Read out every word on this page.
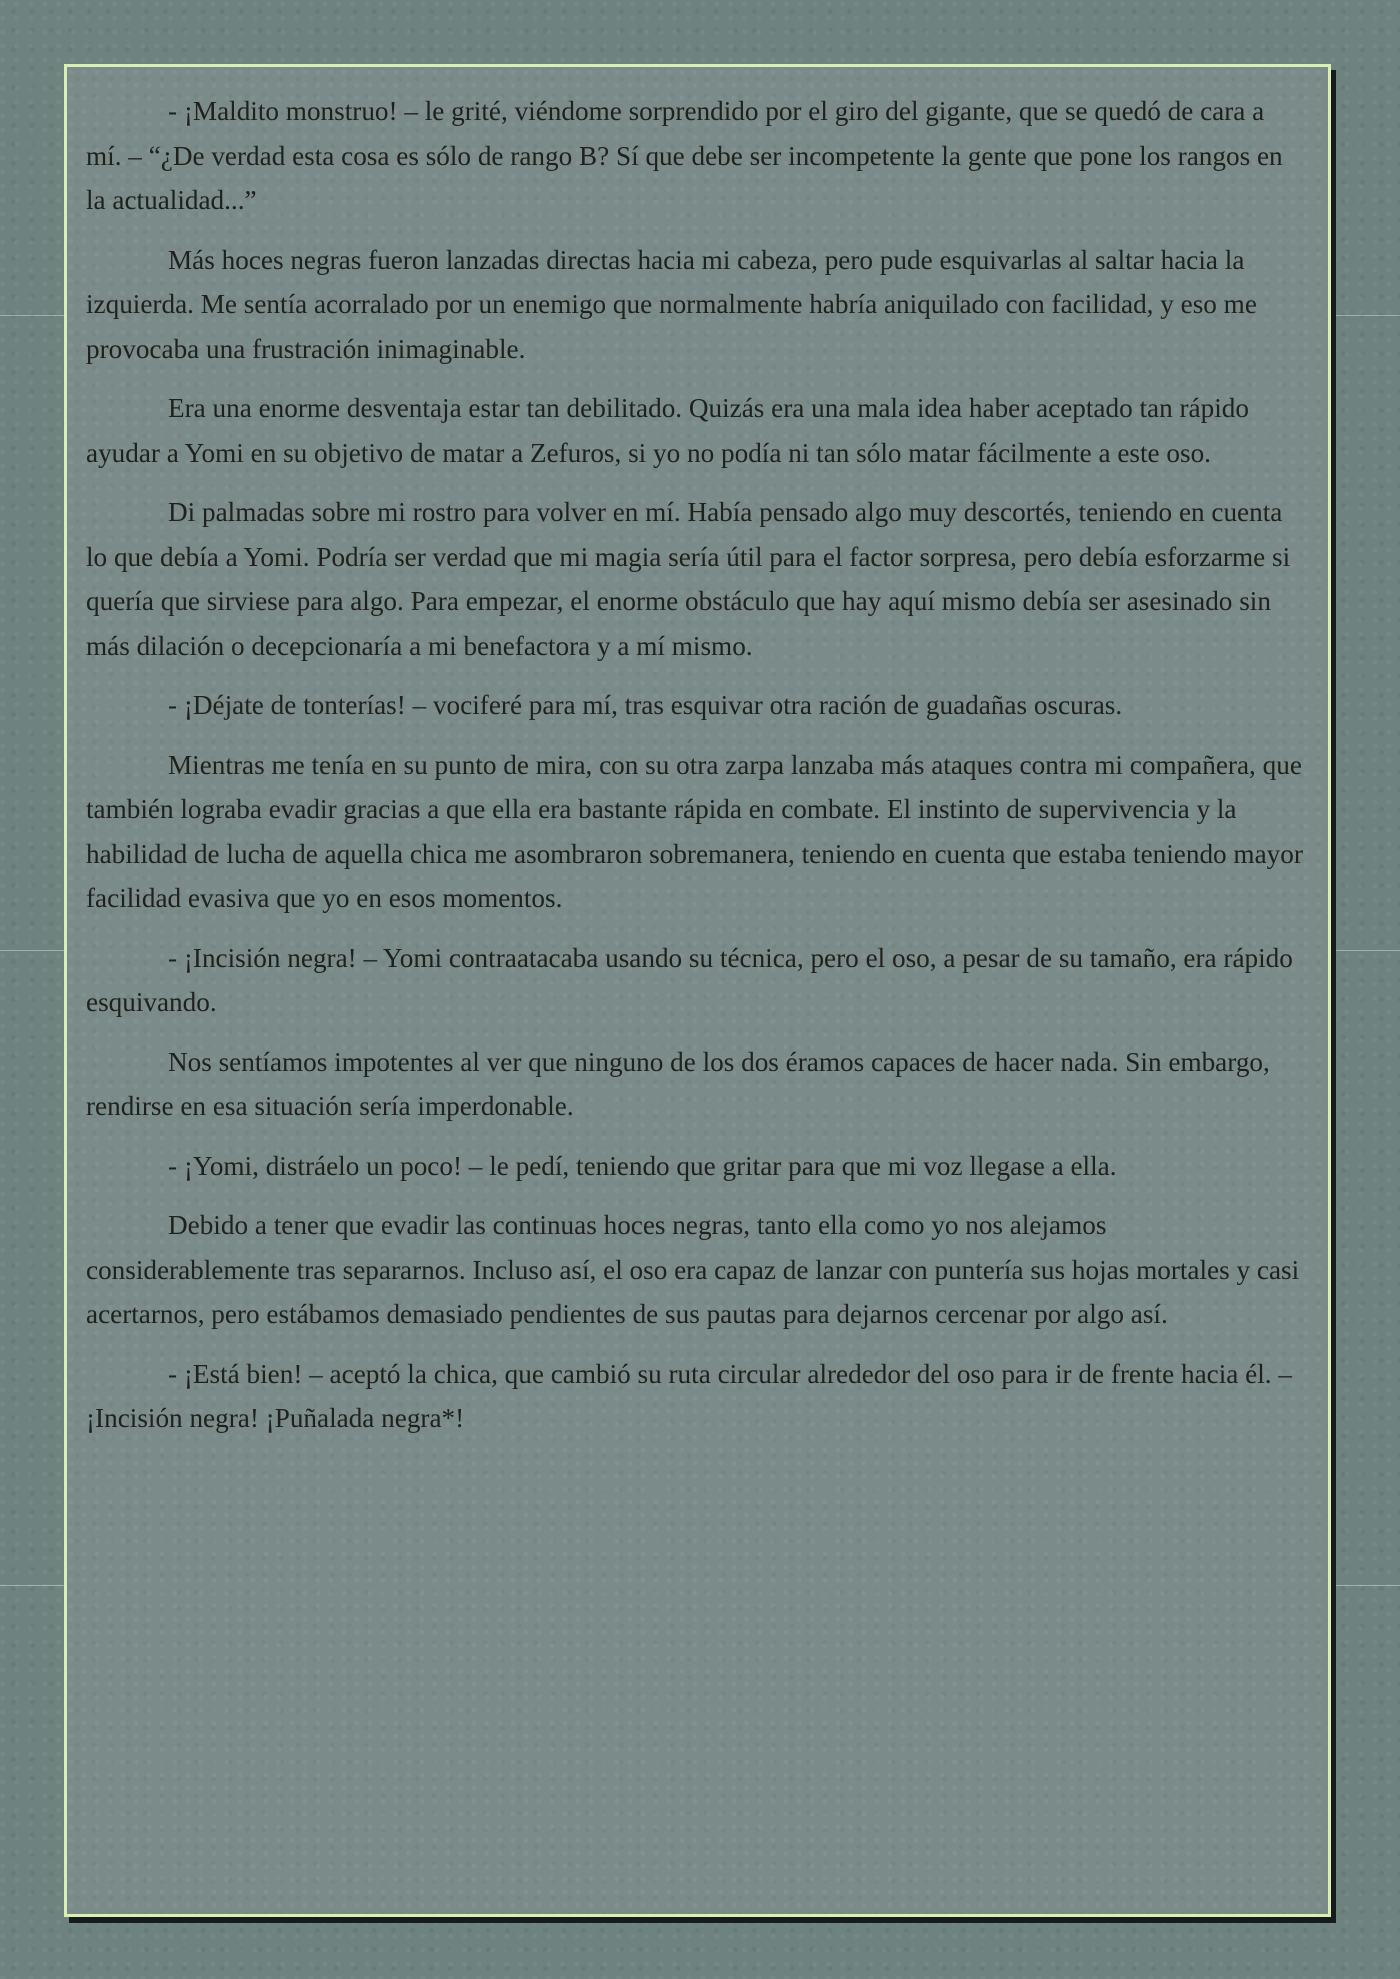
- ¡Maldito monstruo! – le grité, viéndome sorprendido por el giro del gigante, que se quedó de cara a mí. – “¿De verdad esta cosa es sólo de rango B? Sí que debe ser incompetente la gente que pone los rangos en la actualidad...”

Más hoces negras fueron lanzadas directas hacia mi cabeza, pero pude esquivarlas al saltar hacia la izquierda. Me sentía acorralado por un enemigo que normalmente habría aniquilado con facilidad, y eso me provocaba una frustración inimaginable.

Era una enorme desventaja estar tan debilitado. Quizás era una mala idea haber aceptado tan rápido ayudar a Yomi en su objetivo de matar a Zefuros, si yo no podía ni tan sólo matar fácilmente a este oso.

Di palmadas sobre mi rostro para volver en mí. Había pensado algo muy descortés, teniendo en cuenta lo que debía a Yomi. Podría ser verdad que mi magia sería útil para el factor sorpresa, pero debía esforzarme si quería que sirviese para algo. Para empezar, el enorme obstáculo que hay aquí mismo debía ser asesinado sin más dilación o decepcionaría a mi benefactora y a mí mismo.

- ¡Déjate de tonterías! – vociferé para mí, tras esquivar otra ración de guadañas oscuras.

Mientras me tenía en su punto de mira, con su otra zarpa lanzaba más ataques contra mi compañera, que también lograba evadir gracias a que ella era bastante rápida en combate. El instinto de supervivencia y la habilidad de lucha de aquella chica me asombraron sobremanera, teniendo en cuenta que estaba teniendo mayor facilidad evasiva que yo en esos momentos.

- ¡Incisión negra! – Yomi contraatacaba usando su técnica, pero el oso, a pesar de su tamaño, era rápido esquivando.

Nos sentíamos impotentes al ver que ninguno de los dos éramos capaces de hacer nada. Sin embargo, rendirse en esa situación sería imperdonable.

- ¡Yomi, distráelo un poco! – le pedí, teniendo que gritar para que mi voz llegase a ella.

Debido a tener que evadir las continuas hoces negras, tanto ella como yo nos alejamos considerablemente tras separarnos. Incluso así, el oso era capaz de lanzar con puntería sus hojas mortales y casi acertarnos, pero estábamos demasiado pendientes de sus pautas para dejarnos cercenar por algo así.

- ¡Está bien! – aceptó la chica, que cambió su ruta circular alrededor del oso para ir de frente hacia él. – ¡Incisión negra! ¡Puñalada negra*!
